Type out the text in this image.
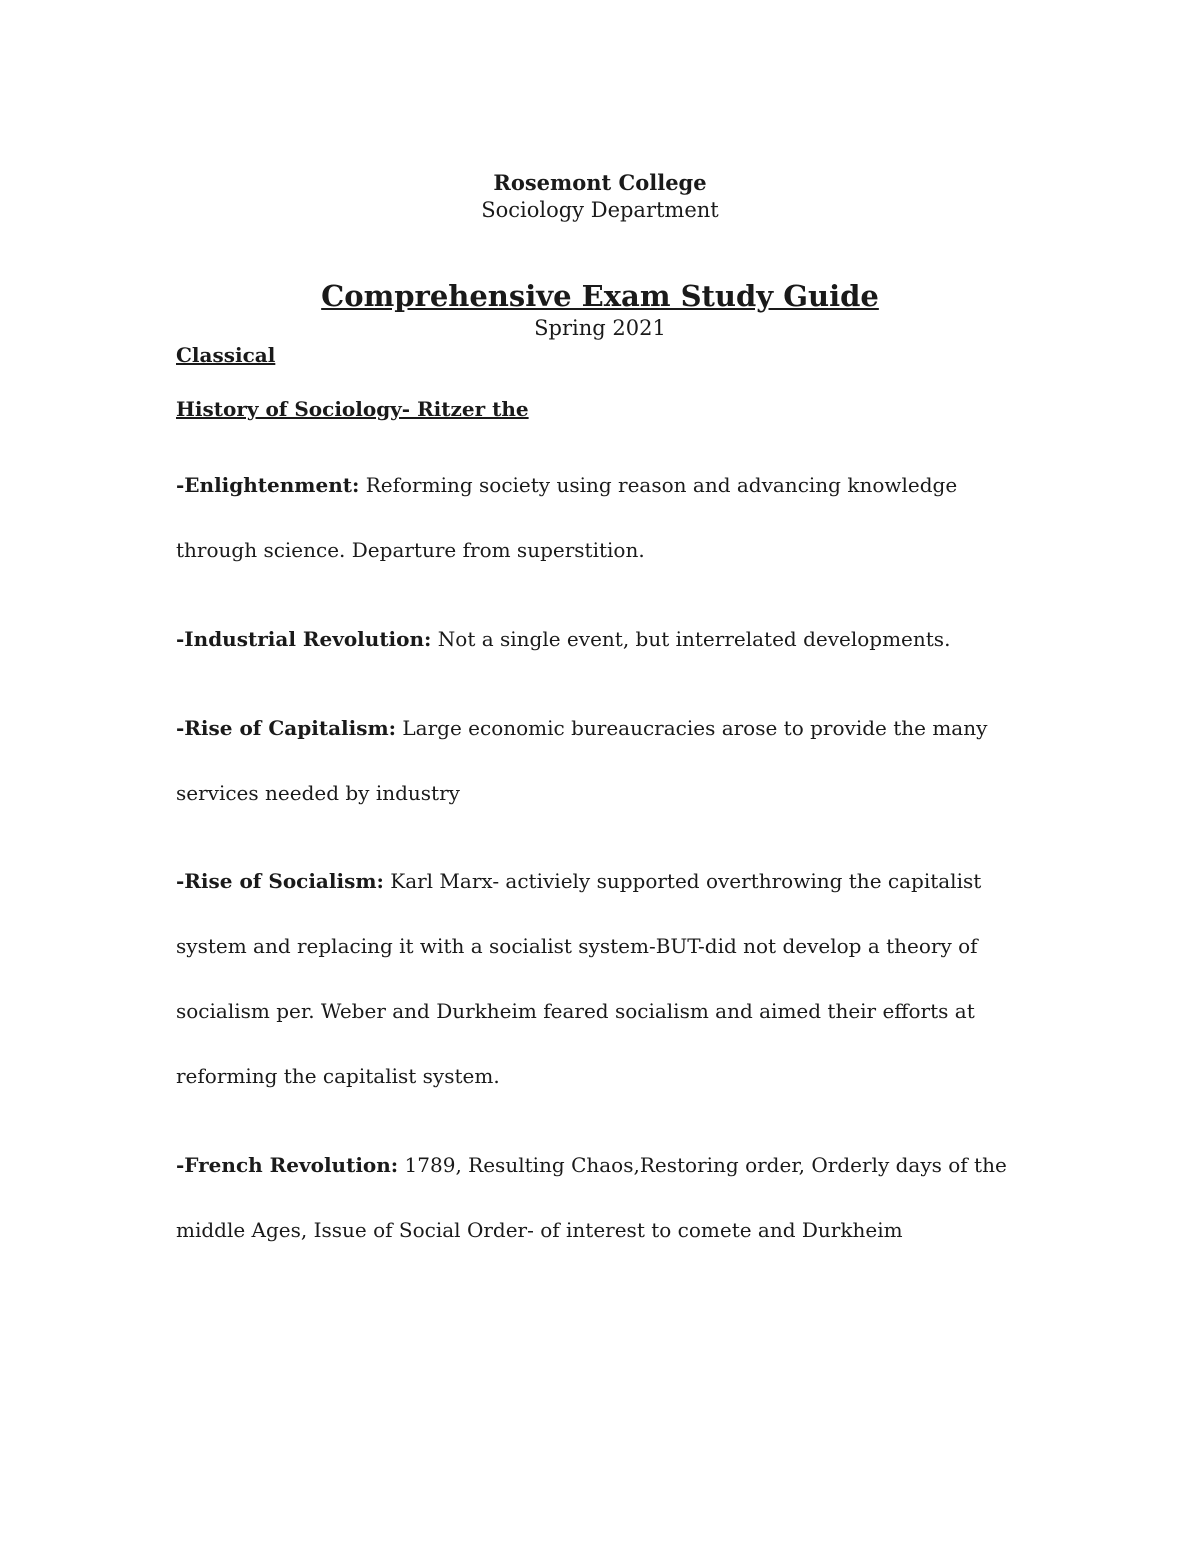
Rosemont College
Sociology Department
Comprehensive Exam Study Guide
Spring 2021
Classical
History of Sociology- Ritzer the
-Enlightenment: Reforming society using reason and advancing knowledge through science. Departure from superstition.
-Industrial Revolution: Not a single event, but interrelated developments.
-Rise of Capitalism: Large economic bureaucracies arose to provide the many services needed by industry
-Rise of Socialism: Karl Marx- activiely supported overthrowing the capitalist system and replacing it with a socialist system-BUT-did not develop a theory of socialism per. Weber and Durkheim feared socialism and aimed their efforts at reforming the capitalist system.
-French Revolution: 1789, Resulting Chaos,Restoring order, Orderly days of the middle Ages, Issue of Social Order- of interest to comete and Durkheim
